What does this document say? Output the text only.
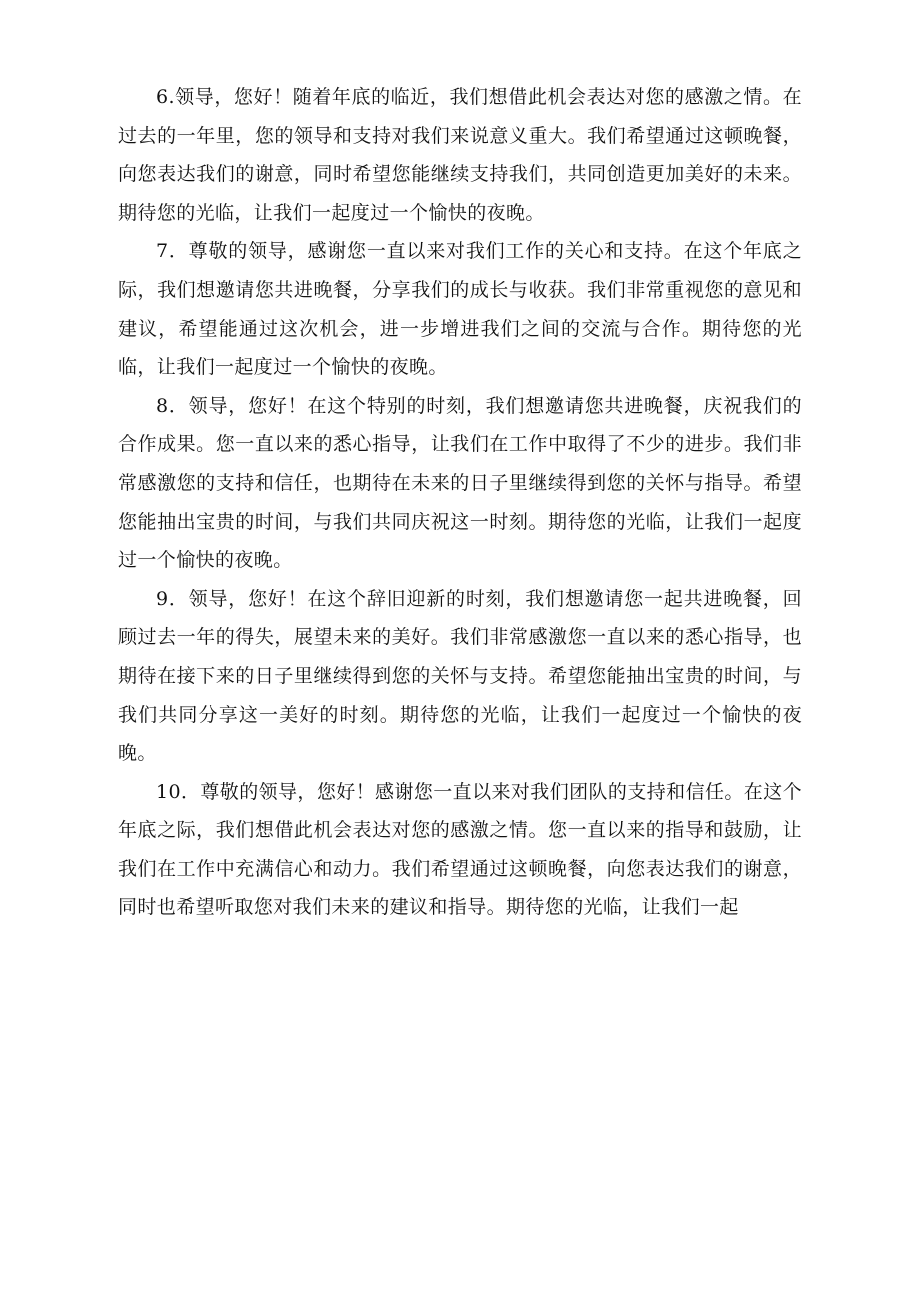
6.领导，您好！随着年底的临近，我们想借此机会表达对您的感激之情。在过去的一年里，您的领导和支持对我们来说意义重大。我们希望通过这顿晚餐，向您表达我们的谢意，同时希望您能继续支持我们，共同创造更加美好的未来。期待您的光临，让我们一起度过一个愉快的夜晚。

7．尊敬的领导，感谢您一直以来对我们工作的关心和支持。在这个年底之际，我们想邀请您共进晚餐，分享我们的成长与收获。我们非常重视您的意见和建议，希望能通过这次机会，进一步增进我们之间的交流与合作。期待您的光临，让我们一起度过一个愉快的夜晚。

8．领导，您好！在这个特别的时刻，我们想邀请您共进晚餐，庆祝我们的合作成果。您一直以来的悉心指导，让我们在工作中取得了不少的进步。我们非常感激您的支持和信任，也期待在未来的日子里继续得到您的关怀与指导。希望您能抽出宝贵的时间，与我们共同庆祝这一时刻。期待您的光临，让我们一起度过一个愉快的夜晚。

9．领导，您好！在这个辞旧迎新的时刻，我们想邀请您一起共进晚餐，回顾过去一年的得失，展望未来的美好。我们非常感激您一直以来的悉心指导，也期待在接下来的日子里继续得到您的关怀与支持。希望您能抽出宝贵的时间，与我们共同分享这一美好的时刻。期待您的光临，让我们一起度过一个愉快的夜晚。

10．尊敬的领导，您好！感谢您一直以来对我们团队的支持和信任。在这个年底之际，我们想借此机会表达对您的感激之情。您一直以来的指导和鼓励，让我们在工作中充满信心和动力。我们希望通过这顿晚餐，向您表达我们的谢意，同时也希望听取您对我们未来的建议和指导。期待您的光临，让我们一起
